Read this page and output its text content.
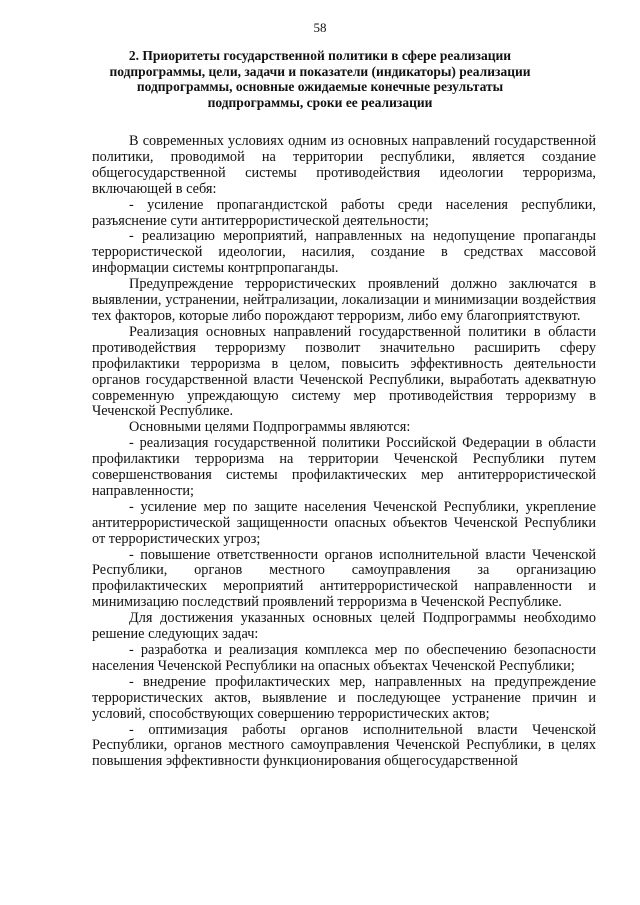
58
2. Приоритеты государственной политики в сфере реализации
подпрограммы, цели, задачи и показатели (индикаторы) реализации
подпрограммы, основные ожидаемые конечные результаты
подпрограммы, сроки ее реализации

В современных условиях одним из основных направлений государственной политики, проводимой на территории республики, является создание общегосударственной системы противодействия идеологии терроризма, включающей в себя:

- усиление пропагандистской работы среди населения республики, разъяснение сути антитеррористической деятельности;

- реализацию мероприятий, направленных на недопущение пропаганды террористической идеологии, насилия, создание в средствах массовой информации системы контрпропаганды.

Предупреждение террористических проявлений должно заключатся в выявлении, устранении, нейтрализации, локализации и минимизации воздействия тех факторов, которые либо порождают терроризм, либо ему благоприятствуют.

Реализация основных направлений государственной политики в области противодействия терроризму позволит значительно расширить сферу профилактики терроризма в целом, повысить эффективность деятельности органов государственной власти Чеченской Республики, выработать адекватную современную упреждающую систему мер противодействия терроризму в Чеченской Республике.

Основными целями Подпрограммы являются:

- реализация государственной политики Российской Федерации в области профилактики терроризма на территории Чеченской Республики путем совершенствования системы профилактических мер антитеррористической направленности;

- усиление мер по защите населения Чеченской Республики, укрепление антитеррористической защищенности опасных объектов Чеченской Республики от террористических угроз;

- повышение ответственности органов исполнительной власти Чеченской Республики, органов местного самоуправления за организацию профилактических мероприятий антитеррористической направленности и минимизацию последствий проявлений терроризма в Чеченской Республике.

Для достижения указанных основных целей Подпрограммы необходимо решение следующих задач:

- разработка и реализация комплекса мер по обеспечению безопасности населения Чеченской Республики на опасных объектах Чеченской Республики;

- внедрение профилактических мер, направленных на предупреждение террористических актов, выявление и последующее устранение причин и условий, способствующих совершению террористических актов;

- оптимизация работы органов исполнительной власти Чеченской Республики, органов местного самоуправления Чеченской Республики, в целях повышения эффективности функционирования общегосударственной
